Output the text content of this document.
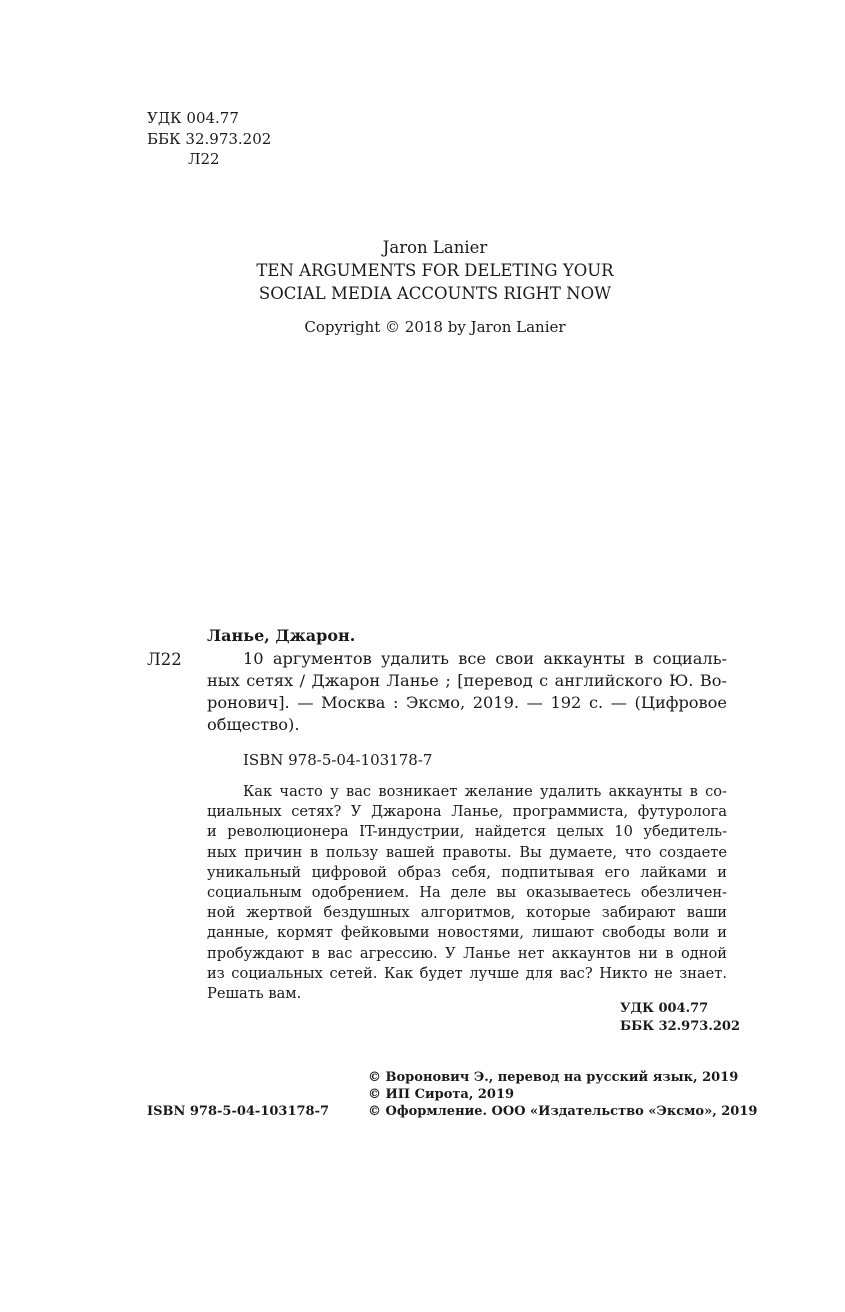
УДК 004.77
ББК 32.973.202
Л22
Jaron Lanier
TEN ARGUMENTS FOR DELETING YOUR
SOCIAL MEDIA ACCOUNTS RIGHT NOW
Copyright © 2018 by Jaron Lanier
Ланье, Джарон.
Л22	10 аргументов удалить все свои аккаунты в социаль-
ных сетях / Джарон Ланье ; [перевод с английского Ю. Во-
ронович]. — Москва : Эксмо, 2019. — 192 с. — (Цифровое
общество).
ISBN 978-5-04-103178-7
Как часто у вас возникает желание удалить аккаунты в со-
циальных сетях? У Джарона Ланье, программиста, футуролога
и революционера IT-индустрии, найдется целых 10 убедитель-
ных причин в пользу вашей правоты. Вы думаете, что создаете
уникальный цифровой образ себя, подпитывая его лайками и
социальным одобрением. На деле вы оказываетесь обезличен-
ной жертвой бездушных алгоритмов, которые забирают ваши
данные, кормят фейковыми новостями, лишают свободы воли и
пробуждают в вас агрессию. У Ланье нет аккаунтов ни в одной
из социальных сетей. Как будет лучше для вас? Никто не знает.
Решать вам.
УДК 004.77
ББК 32.973.202
© Воронович Э., перевод на русский язык, 2019
© ИП Сирота, 2019
© Оформление. ООО «Издательство «Эксмо», 2019
ISBN 978-5-04-103178-7
